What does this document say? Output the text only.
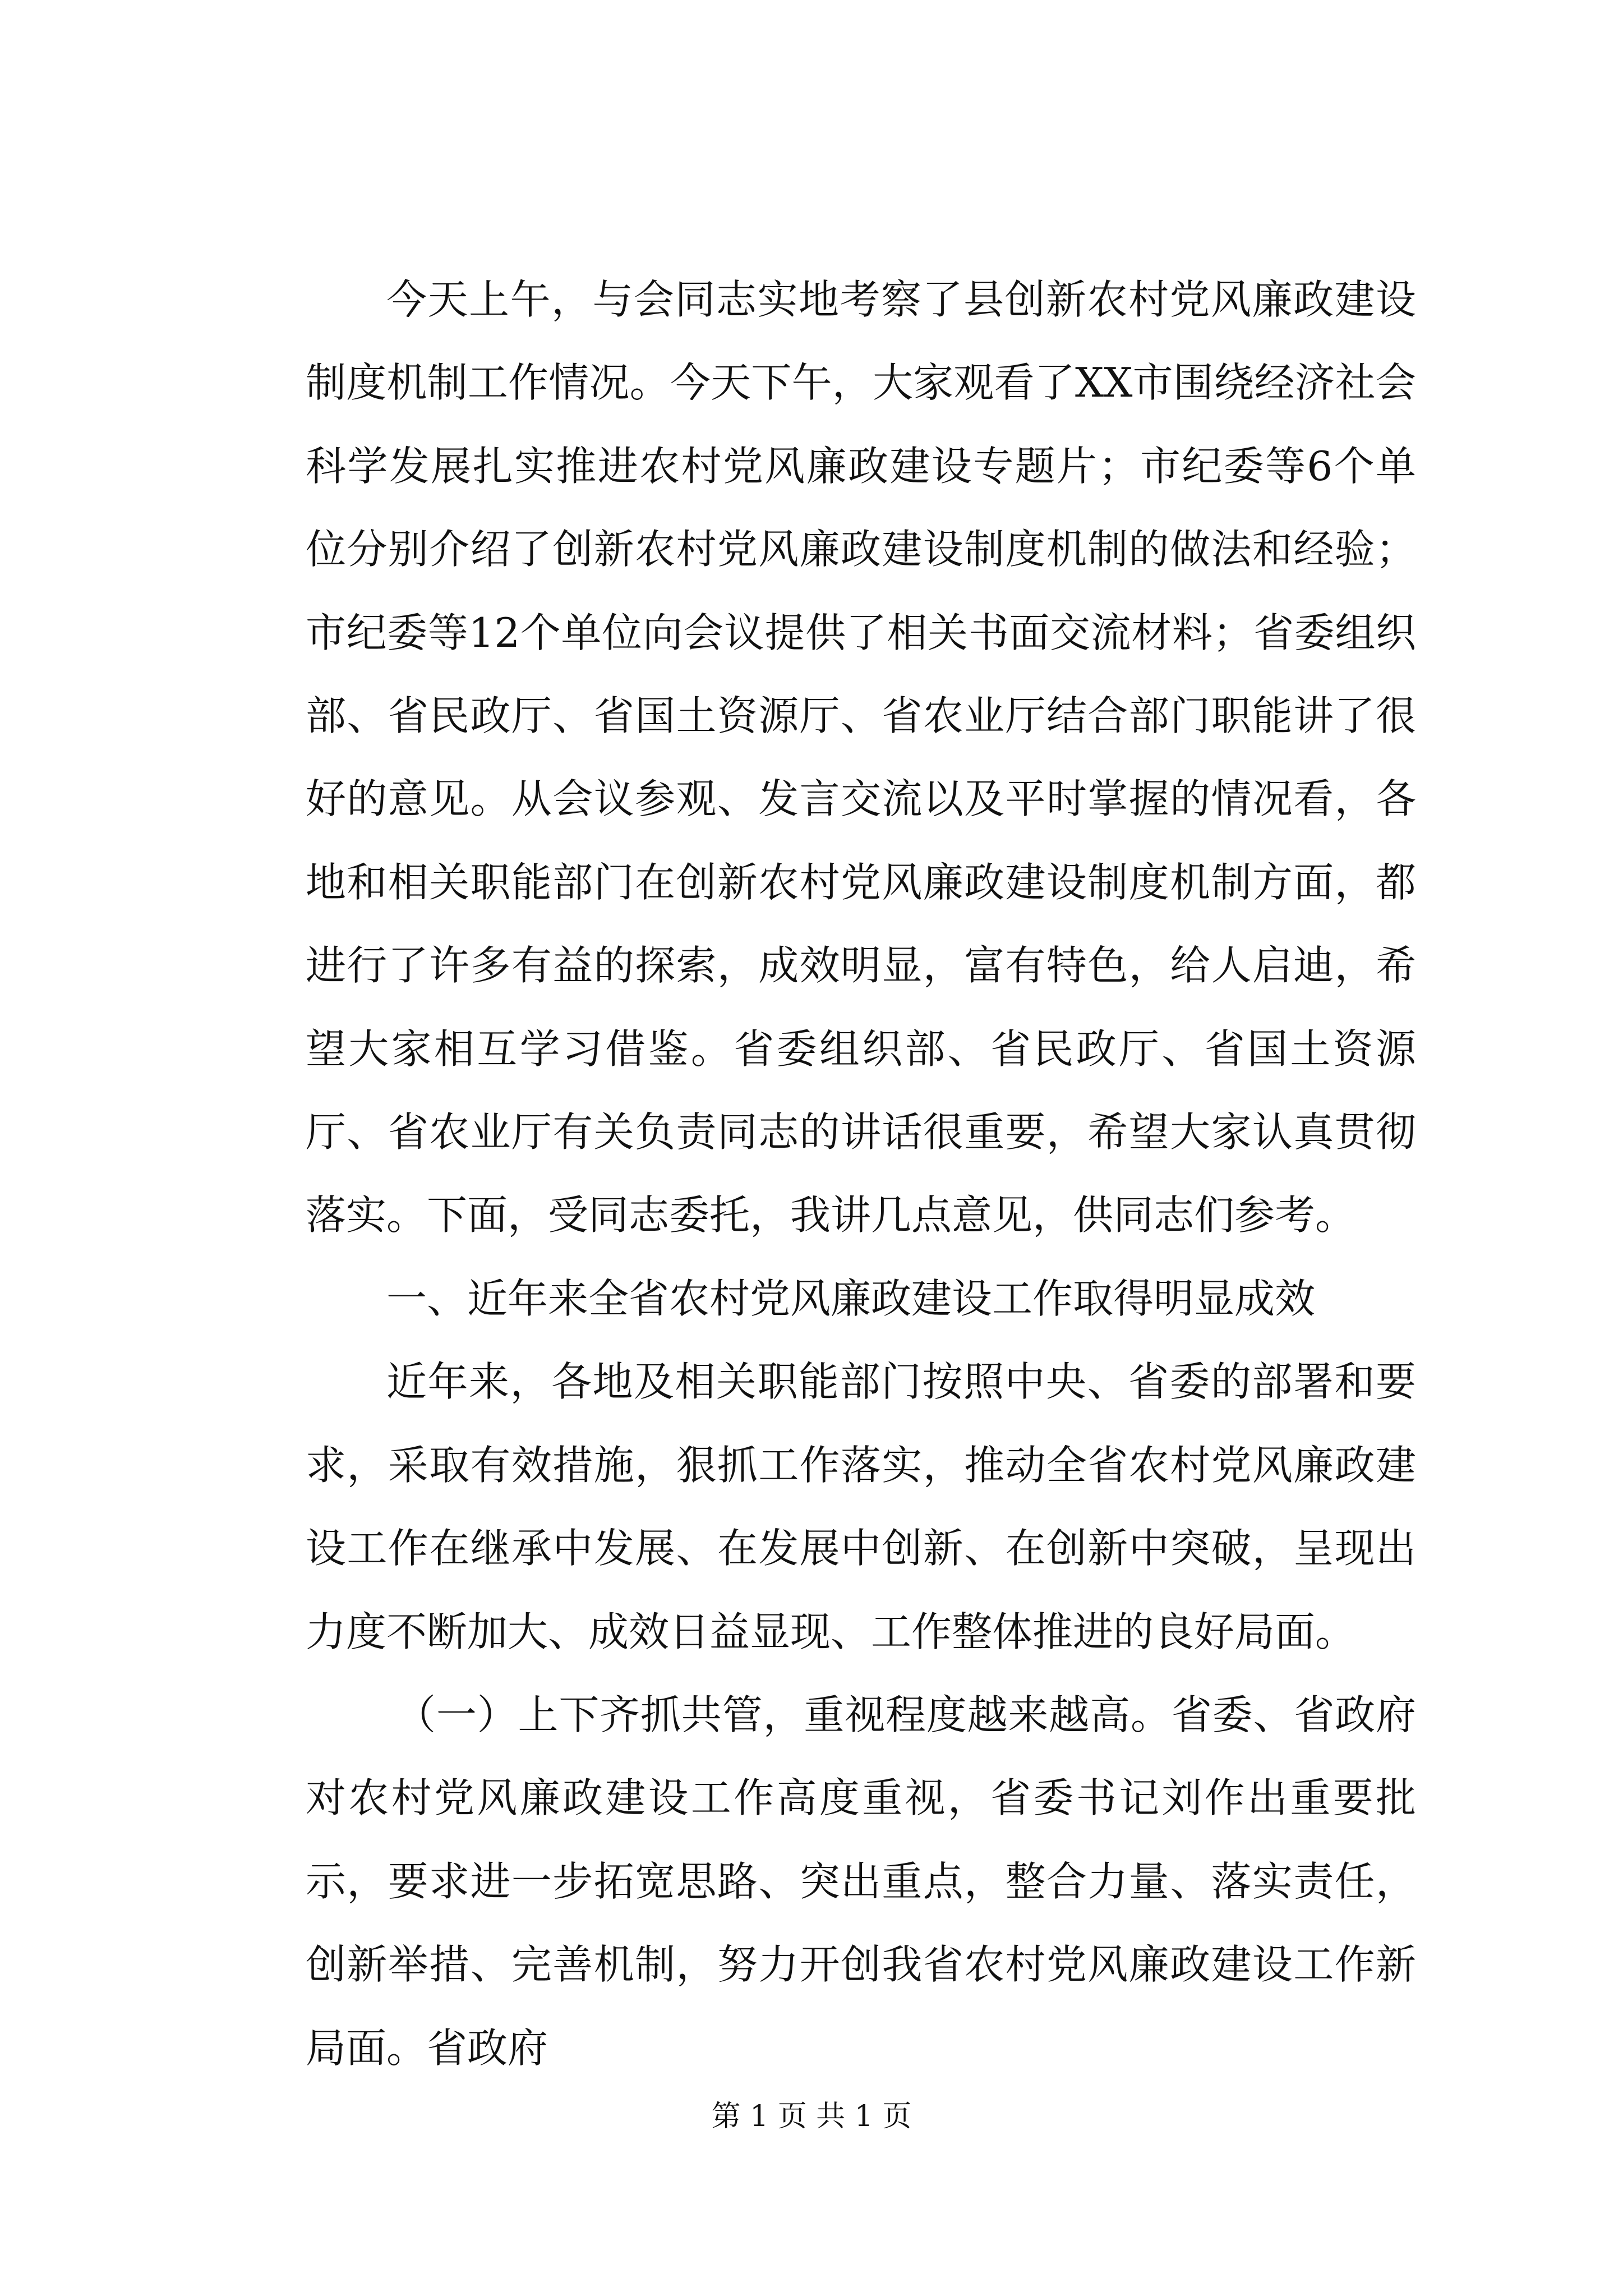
今天上午，与会同志实地考察了县创新农村党风廉政建设制度机制工作情况。今天下午，大家观看了XX市围绕经济社会科学发展扎实推进农村党风廉政建设专题片；市纪委等6个单位分别介绍了创新农村党风廉政建设制度机制的做法和经验；市纪委等12个单位向会议提供了相关书面交流材料；省委组织部、省民政厅、省国土资源厅、省农业厅结合部门职能讲了很好的意见。从会议参观、发言交流以及平时掌握的情况看，各地和相关职能部门在创新农村党风廉政建设制度机制方面，都进行了许多有益的探索，成效明显，富有特色，给人启迪，希望大家相互学习借鉴。省委组织部、省民政厅、省国土资源厅、省农业厅有关负责同志的讲话很重要，希望大家认真贯彻落实。下面，受同志委托，我讲几点意见，供同志们参考。

一、近年来全省农村党风廉政建设工作取得明显成效

近年来，各地及相关职能部门按照中央、省委的部署和要求，采取有效措施，狠抓工作落实，推动全省农村党风廉政建设工作在继承中发展、在发展中创新、在创新中突破，呈现出力度不断加大、成效日益显现、工作整体推进的良好局面。

（一）上下齐抓共管，重视程度越来越高。省委、省政府对农村党风廉政建设工作高度重视，省委书记刘作出重要批示，要求进一步拓宽思路、突出重点，整合力量、落实责任，创新举措、完善机制，努力开创我省农村党风廉政建设工作新局面。省政府

第 1 页 共 1 页
